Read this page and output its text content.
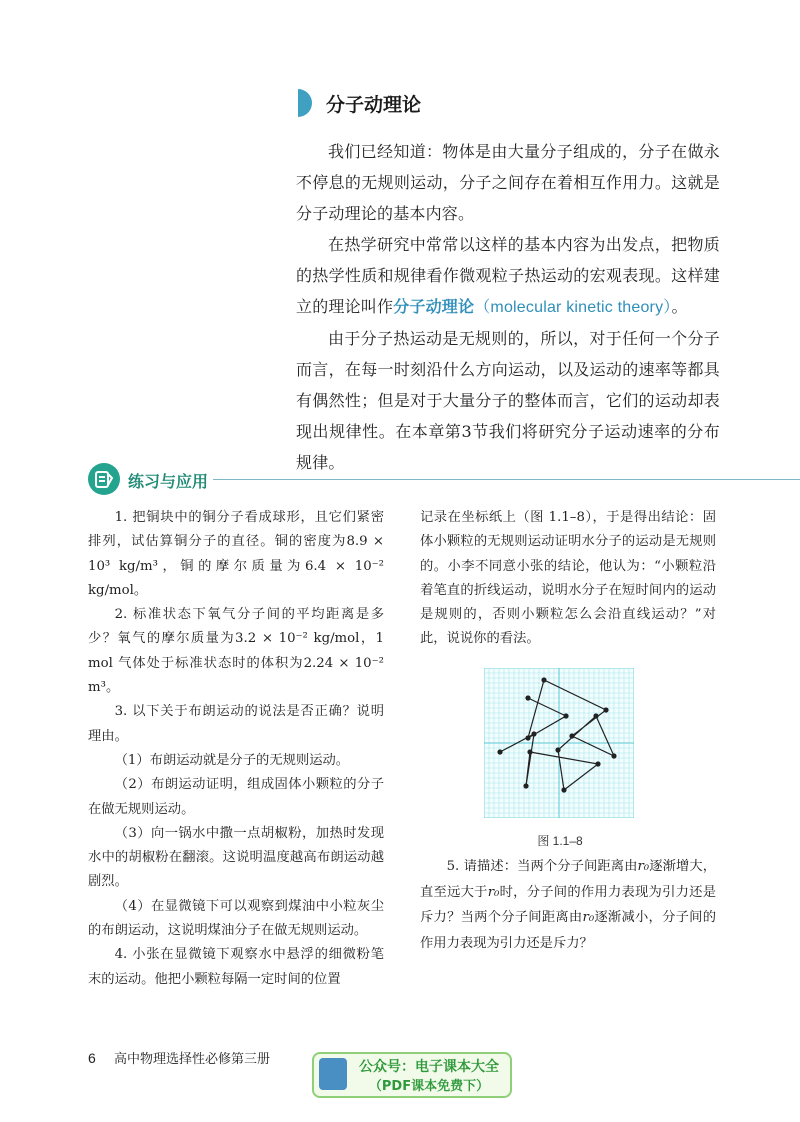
分子动理论

我们已经知道：物体是由大量分子组成的，分子在做永不停息的无规则运动，分子之间存在着相互作用力。这就是分子动理论的基本内容。

在热学研究中常常以这样的基本内容为出发点，把物质的热学性质和规律看作微观粒子热运动的宏观表现。这样建立的理论叫作分子动理论（molecular kinetic theory）。

由于分子热运动是无规则的，所以，对于任何一个分子而言，在每一时刻沿什么方向运动，以及运动的速率等都具有偶然性；但是对于大量分子的整体而言，它们的运动却表现出规律性。在本章第3节我们将研究分子运动速率的分布规律。

练习与应用

1. 把铜块中的铜分子看成球形，且它们紧密排列，试估算铜分子的直径。铜的密度为8.9 × 10³ kg/m³，铜的摩尔质量为6.4 × 10⁻² kg/mol。

2. 标准状态下氧气分子间的平均距离是多少？氧气的摩尔质量为3.2 × 10⁻² kg/mol，1 mol 气体处于标准状态时的体积为2.24 × 10⁻² m³。

3. 以下关于布朗运动的说法是否正确？说明理由。

（1）布朗运动就是分子的无规则运动。

（2）布朗运动证明，组成固体小颗粒的分子在做无规则运动。

（3）向一锅水中撒一点胡椒粉，加热时发现水中的胡椒粉在翻滚。这说明温度越高布朗运动越剧烈。

（4）在显微镜下可以观察到煤油中小粒灰尘的布朗运动，这说明煤油分子在做无规则运动。

4. 小张在显微镜下观察水中悬浮的细微粉笔末的运动。他把小颗粒每隔一定时间的位置

记录在坐标纸上（图 1.1–8），于是得出结论：固体小颗粒的无规则运动证明水分子的运动是无规则的。小李不同意小张的结论，他认为：“小颗粒沿着笔直的折线运动，说明水分子在短时间内的运动是规则的，否则小颗粒怎么会沿直线运动？”对此，说说你的看法。

图 1.1–8

5. 请描述：当两个分子间距离由r₀逐渐增大，直至远大于r₀时，分子间的作用力表现为引力还是斥力？当两个分子间距离由r₀逐渐减小，分子间的作用力表现为引力还是斥力？

6 高中物理选择性必修第三册	公众号：电子课本大全
（PDF课本免费下）
